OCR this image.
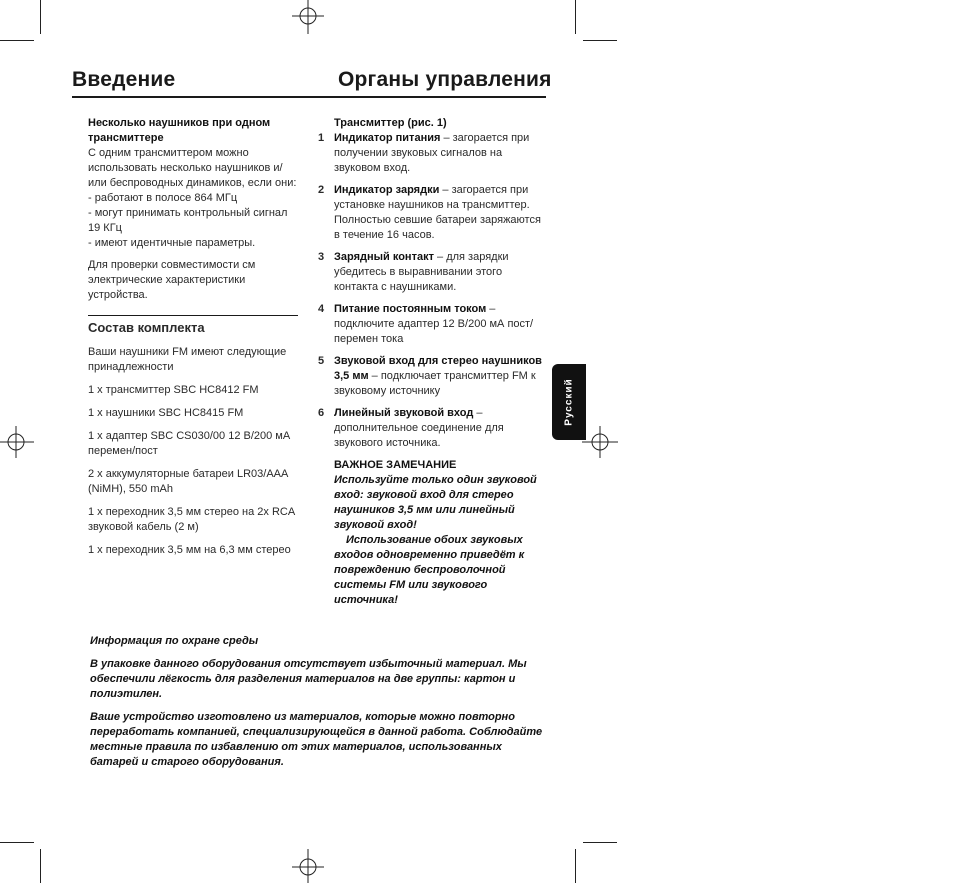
Введение	Органы управления
Несколько наушников при одном трансмиттере
С одним трансмиттером можно использовать несколько наушников и/или беспроводных динамиков, если они:
- работают в полосе 864 МГц
- могут принимать контрольный сигнал 19 КГц
- имеют идентичные параметры.
Для проверки совместимости см электрические характеристики устройства.
Состав комплекта
Ваши наушники FM имеют следующие принадлежности
1 x трансмиттер SBC HC8412 FM
1 x наушники SBC HC8415 FM
1 x адаптер SBC CS030/00 12 В/200 мА перемен/пост
2 x аккумуляторные батареи LR03/AAA (NiMH), 550 mAh
1 x переходник 3,5 мм стерео на 2x RCA звуковой кабель (2 м)
1 x переходник 3,5 мм на 6,3 мм стерео
Трансмиттер (рис. 1)
1 Индикатор питания – загорается при получении звуковых сигналов на звуковом вход.
2 Индикатор зарядки – загорается при установке наушников на трансмиттер. Полностью севшие батареи заряжаются в течение 16 часов.
3 Зарядный контакт – для зарядки убедитесь в выравнивании этого контакта с наушниками.
4 Питание постоянным током – подключите адаптер 12 В/200 мА пост/перемен тока
5 Звуковой вход для стерео наушников 3,5 мм – подключает трансмиттер FM к звуковому источнику
6 Линейный звуковой вход – дополнительное соединение для звукового источника.
ВАЖНОЕ ЗАМЕЧАНИЕ
Используйте только один звуковой вход: звуковой вход для стерео наушников 3,5 мм или линейный звуковой вход!
Использование обоих звуковых входов одновременно приведёт к повреждению беспроволочной системы FM или звукового источника!
Русский

Информация по охране среды

В упаковке данного оборудования отсутствует избыточный материал. Мы обеспечили лёгкость для разделения материалов на две группы: картон и полиэтилен.

Ваше устройство изготовлено из материалов, которые можно повторно переработать компанией, специализирующейся в данной работа. Соблюдайте местные правила по избавлению от этих материалов, использованных батарей и старого оборудования.
